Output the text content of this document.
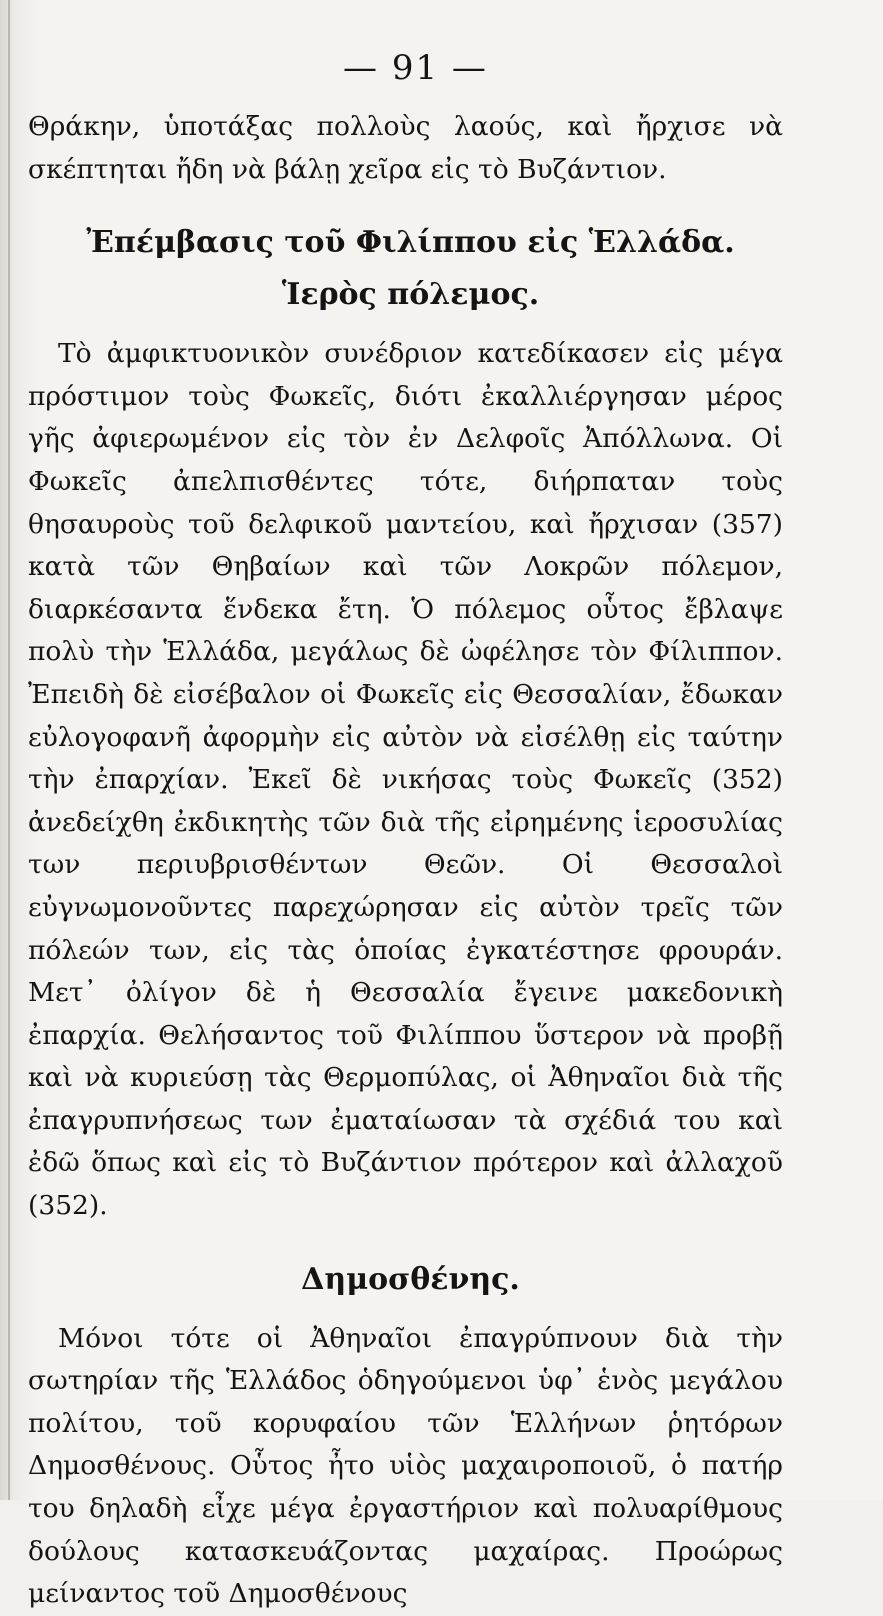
— 91 —

Θράκην, ὑποτάξας πολλοὺς λαούς, καὶ ἤρχισε νὰ σκέπτηται ἤδη νὰ βάλῃ χεῖρα εἰς τὸ Βυζάντιον.

Ἐπέμβασις τοῦ Φιλίππου εἰς Ἑλλάδα.
Ἱερὸς πόλεμος.

Τὸ ἀμφικτυονικὸν συνέδριον κατεδίκασεν εἰς μέγα πρόστιμον τοὺς Φωκεῖς, διότι ἐκαλλιέργησαν μέρος γῆς ἀφιερωμένον εἰς τὸν ἐν Δελφοῖς Ἀπόλλωνα. Οἱ Φωκεῖς ἀπελπισθέντες τότε, διήρπαταν τοὺς θησαυροὺς τοῦ δελφικοῦ μαντείου, καὶ ἤρχισαν (357) κατὰ τῶν Θηβαίων καὶ τῶν Λοκρῶν πόλεμον, διαρκέσαντα ἕνδεκα ἔτη. Ὁ πόλεμος οὗτος ἔβλαψε πολὺ τὴν Ἑλλάδα, μεγάλως δὲ ὠφέλησε τὸν Φίλιππον. Ἐπειδὴ δὲ εἰσέβαλον οἱ Φωκεῖς εἰς Θεσσαλίαν, ἔδωκαν εὐλογοφανῆ ἀφορμὴν εἰς αὐτὸν νὰ εἰσέλθῃ εἰς ταύτην τὴν ἐπαρχίαν. Ἐκεῖ δὲ νικήσας τοὺς Φωκεῖς (352) ἀνεδείχθη ἐκδικητὴς τῶν διὰ τῆς εἰρημένης ἱεροσυλίας των περιυβρισθέντων Θεῶν. Οἱ Θεσσαλοὶ εὐγνωμονοῦντες παρεχώρησαν εἰς αὐτὸν τρεῖς τῶν πόλεών των, εἰς τὰς ὁποίας ἐγκατέστησε φρουράν. Μετ᾽ ὀλίγον δὲ ἡ Θεσσαλία ἔγεινε μακεδονικὴ ἐπαρχία. Θελήσαντος τοῦ Φιλίππου ὕστερον νὰ προβῇ καὶ νὰ κυριεύσῃ τὰς Θερμοπύλας, οἱ Ἀθηναῖοι διὰ τῆς ἐπαγρυπνήσεως των ἐματαίωσαν τὰ σχέδιά του καὶ ἐδῶ ὅπως καὶ εἰς τὸ Βυζάντιον πρότερον καὶ ἀλλαχοῦ (352).

Δημοσθένης.

Μόνοι τότε οἱ Ἀθηναῖοι ἐπαγρύπνουν διὰ τὴν σωτηρίαν τῆς Ἑλλάδος ὁδηγούμενοι ὑφ᾽ ἑνὸς μεγάλου πολίτου, τοῦ κορυφαίου τῶν Ἑλλήνων ῥητόρων Δημοσθένους. Οὗτος ἦτο υἱὸς μαχαιροποιοῦ, ὁ πατήρ του δηλαδὴ εἶχε μέγα ἐργαστήριον καὶ πολυαρίθμους δούλους κατασκευάζοντας μαχαίρας. Προώρως μείναντος τοῦ Δημοσθένους
